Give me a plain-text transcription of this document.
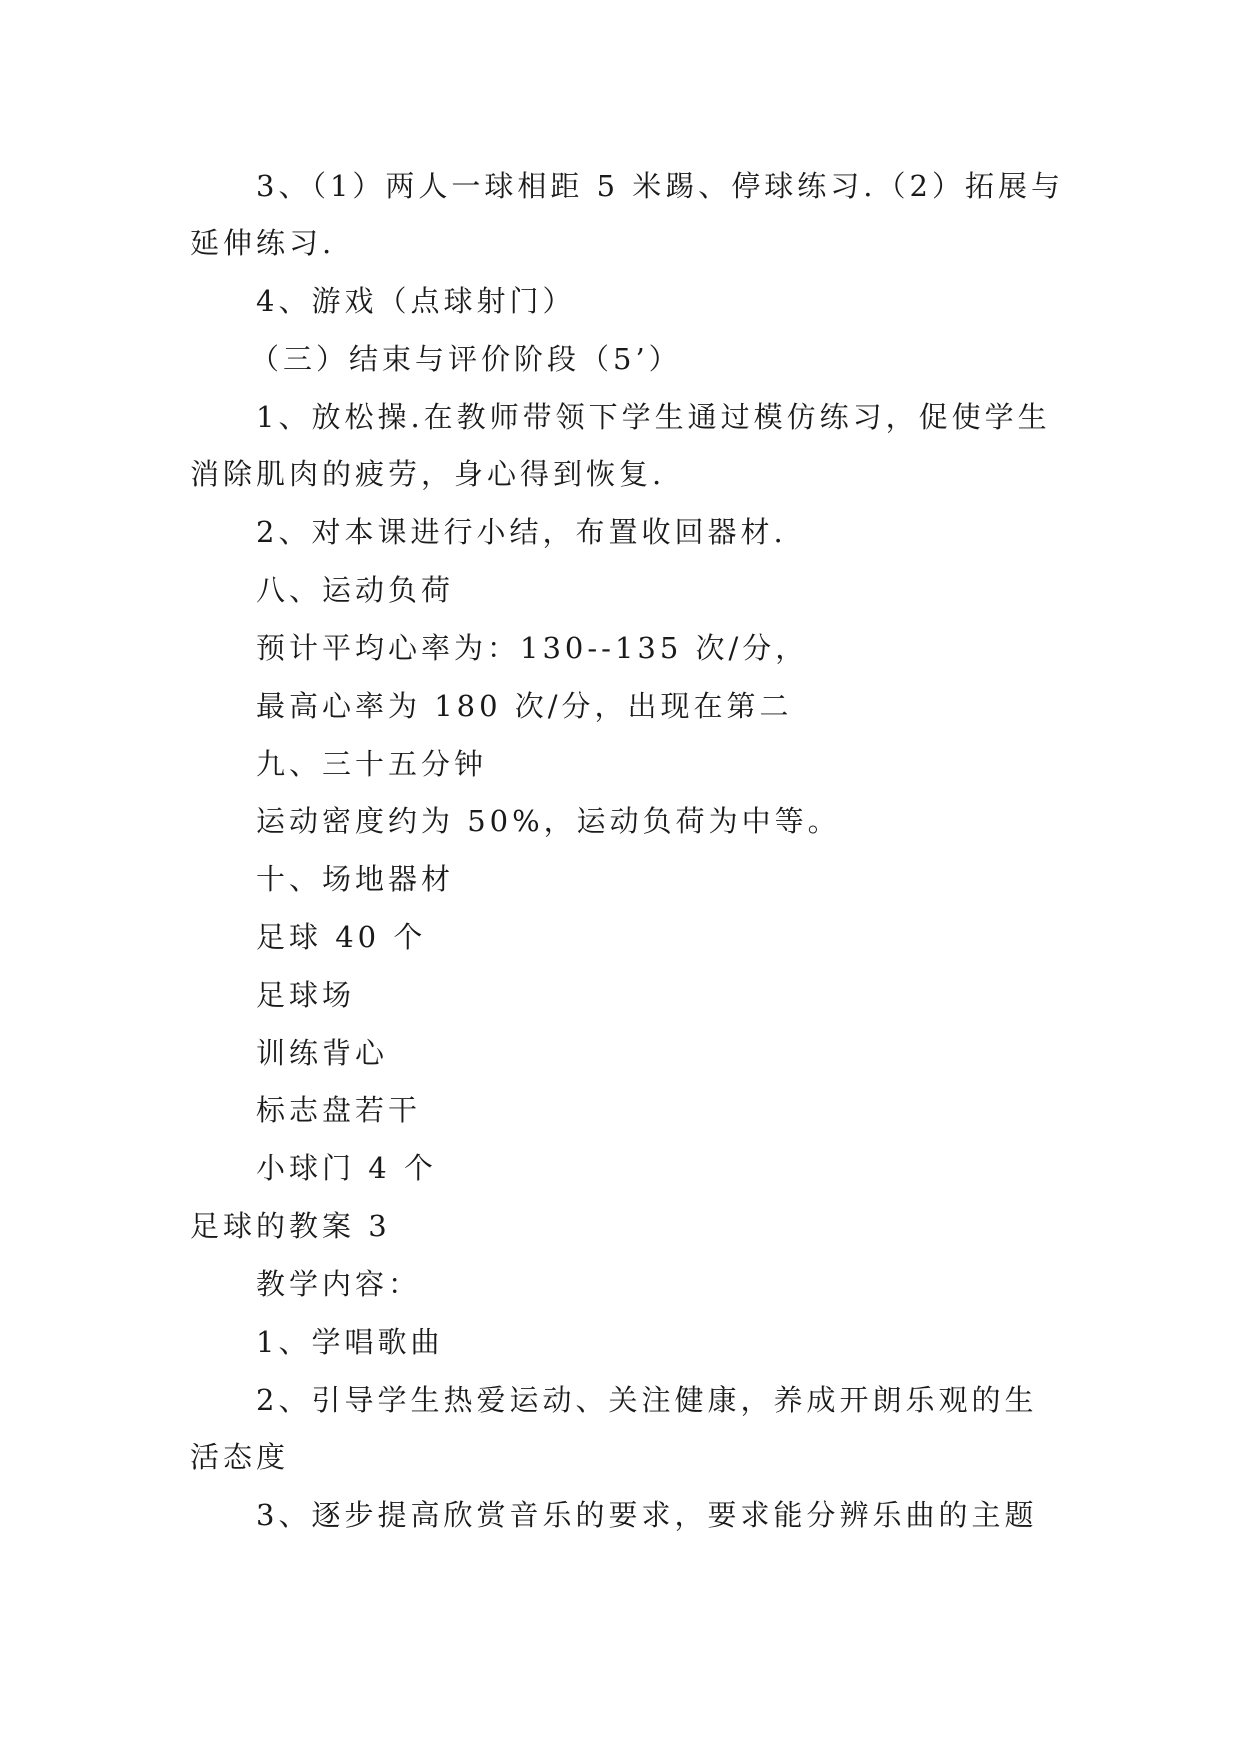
3、（1）两人一球相距 5 米踢、停球练习.（2）拓展与
延伸练习.
4、游戏（点球射门）
（三）结束与评价阶段（5’）
1、放松操.在教师带领下学生通过模仿练习，促使学生
消除肌肉的疲劳，身心得到恢复.
2、对本课进行小结，布置收回器材.
八、运动负荷
预计平均心率为：130--135 次/分，
最高心率为 180 次/分，出现在第二
九、三十五分钟
运动密度约为 50%，运动负荷为中等。
十、场地器材
足球 40 个
足球场
训练背心
标志盘若干
小球门 4 个
足球的教案 3
教学内容：
1、学唱歌曲
2、引导学生热爱运动、关注健康，养成开朗乐观的生
活态度
3、逐步提高欣赏音乐的要求，要求能分辨乐曲的主题
